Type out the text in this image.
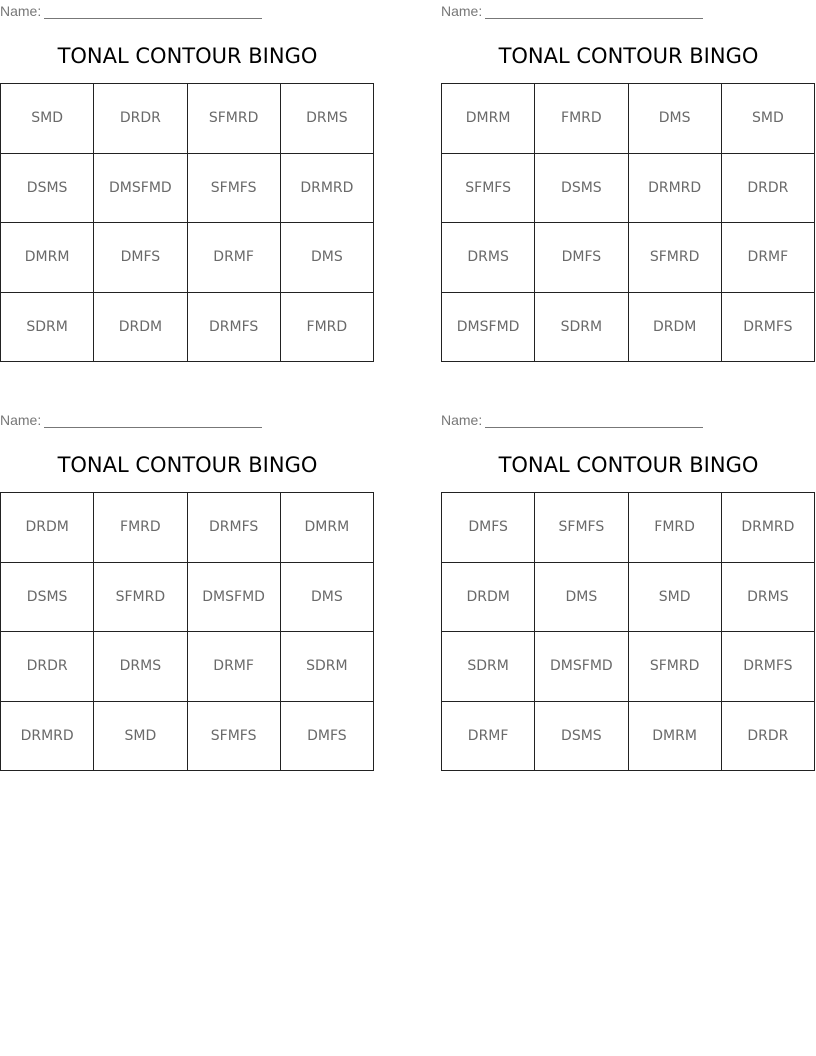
Name:
TONAL CONTOUR BINGO
SMD	DRDR	SFMRD	DRMS
DSMS	DMSFMD	SFMFS	DRMRD
DMRM	DMFS	DRMF	DMS
SDRM	DRDM	DRMFS	FMRD
Name:
TONAL CONTOUR BINGO
DMRM	FMRD	DMS	SMD
SFMFS	DSMS	DRMRD	DRDR
DRMS	DMFS	SFMRD	DRMF
DMSFMD	SDRM	DRDM	DRMFS
Name:
TONAL CONTOUR BINGO
DRDM	FMRD	DRMFS	DMRM
DSMS	SFMRD	DMSFMD	DMS
DRDR	DRMS	DRMF	SDRM
DRMRD	SMD	SFMFS	DMFS
Name:
TONAL CONTOUR BINGO
DMFS	SFMFS	FMRD	DRMRD
DRDM	DMS	SMD	DRMS
SDRM	DMSFMD	SFMRD	DRMFS
DRMF	DSMS	DMRM	DRDR
